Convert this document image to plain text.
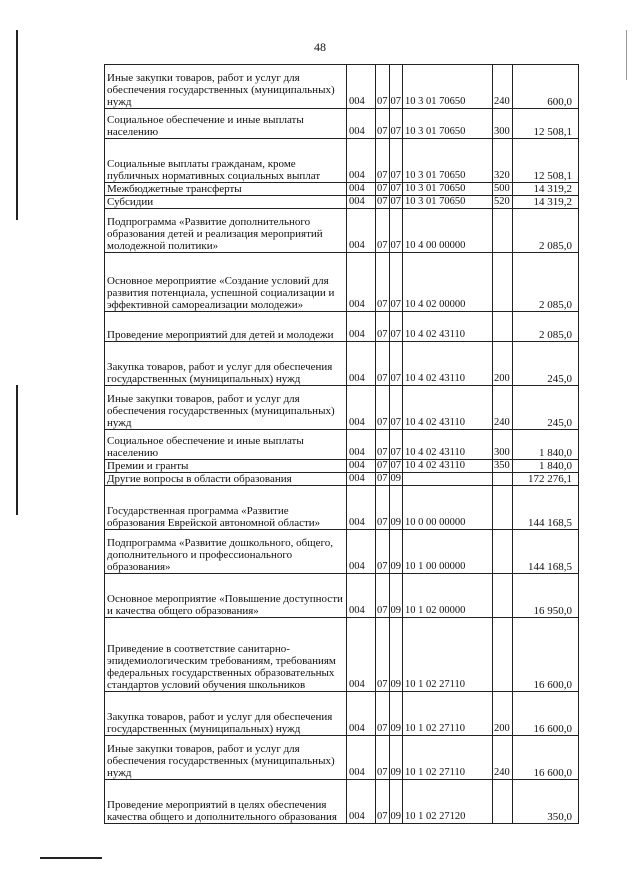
48
Иные закупки товаров, работ и услуг для обеспечения государственных (муниципальных) нужд	004	07	07	10 3 01 70650	240	600,0
Социальное обеспечение и иные выплаты населению	004	07	07	10 3 01 70650	300	12 508,1
Социальные выплаты гражданам, кроме публичных нормативных социальных выплат	004	07	07	10 3 01 70650	320	12 508,1
Межбюджетные трансферты	004	07	07	10 3 01 70650	500	14 319,2
Субсидии	004	07	07	10 3 01 70650	520	14 319,2
Подпрограмма «Развитие дополнительного образования детей и реализация мероприятий молодежной политики»	004	07	07	10 4 00 00000		2 085,0
Основное мероприятие «Создание условий для развития потенциала, успешной социализации и эффективной самореализации молодежи»	004	07	07	10 4 02 00000		2 085,0
Проведение мероприятий для детей и молодежи	004	07	07	10 4 02 43110		2 085,0
Закупка товаров, работ и услуг для обеспечения государственных (муниципальных) нужд	004	07	07	10 4 02 43110	200	245,0
Иные закупки товаров, работ и услуг для обеспечения государственных (муниципальных) нужд	004	07	07	10 4 02 43110	240	245,0
Социальное обеспечение и иные выплаты населению	004	07	07	10 4 02 43110	300	1 840,0
Премии и гранты	004	07	07	10 4 02 43110	350	1 840,0
Другие вопросы в области образования	004	07	09			172 276,1
Государственная программа «Развитие образования Еврейской автономной области»	004	07	09	10 0 00 00000		144 168,5
Подпрограмма «Развитие дошкольного, общего, дополнительного и профессионального образования»	004	07	09	10 1 00 00000		144 168,5
Основное мероприятие «Повышение доступности и качества общего образования»	004	07	09	10 1 02 00000		16 950,0
Приведение в соответствие санитарно-эпидемиологическим требованиям, требованиям федеральных государственных образовательных стандартов условий обучения школьников	004	07	09	10 1 02 27110		16 600,0
Закупка товаров, работ и услуг для обеспечения государственных (муниципальных) нужд	004	07	09	10 1 02 27110	200	16 600,0
Иные закупки товаров, работ и услуг для обеспечения государственных (муниципальных) нужд	004	07	09	10 1 02 27110	240	16 600,0
Проведение мероприятий в целях обеспечения качества общего и дополнительного образования	004	07	09	10 1 02 27120		350,0
